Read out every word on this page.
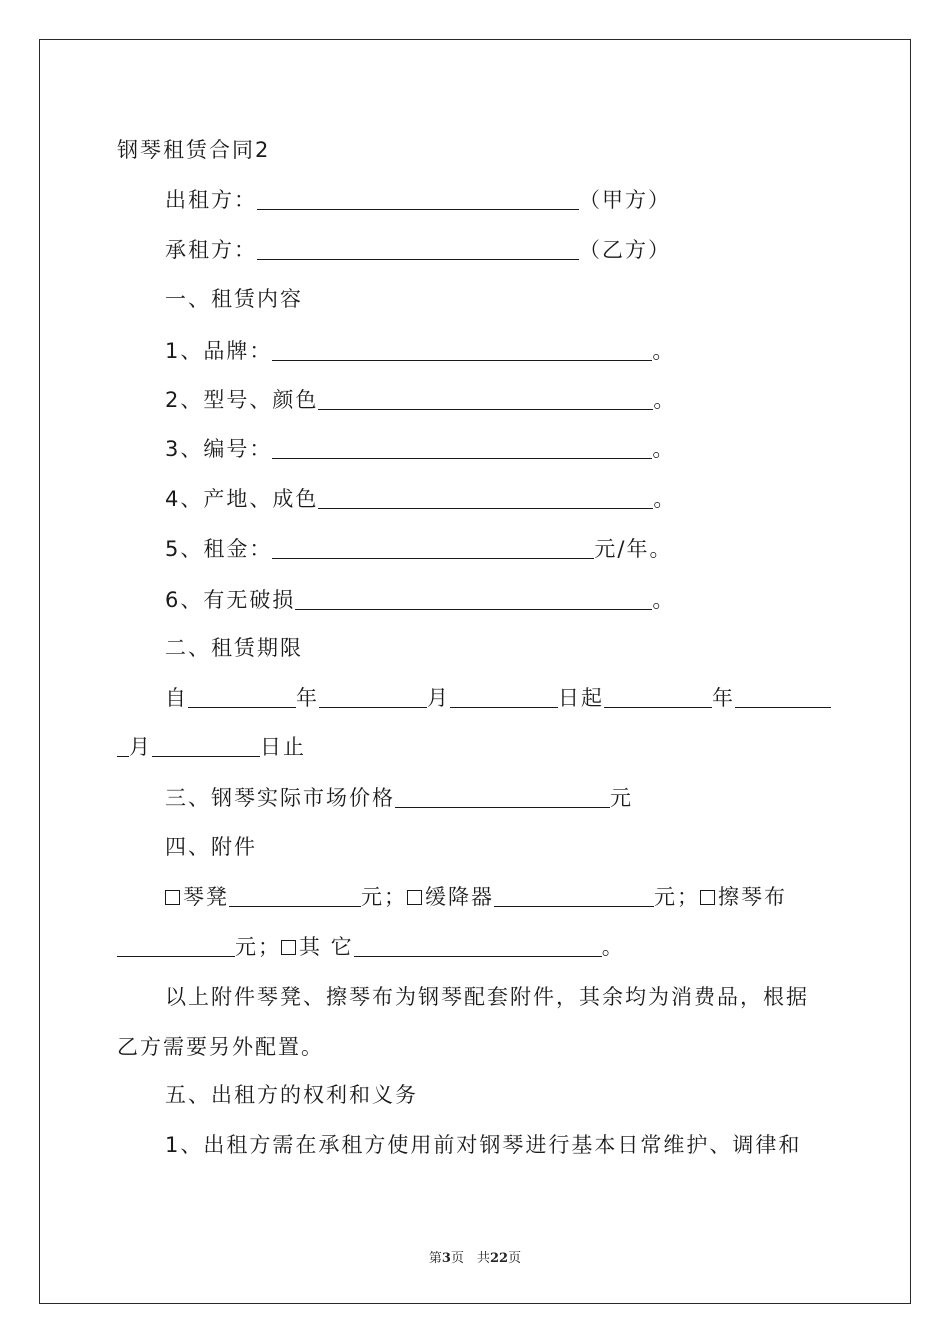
钢琴租赁合同2
出租方：	（甲方）
承租方：	（乙方）
一、租赁内容
1、品牌：	。
2、型号、颜色	。
3、编号：	。
4、产地、成色	。
5、租金：	元/年。
6、有无破损	。
二、租赁期限
自	年	月	日起	年
月	日止
三、钢琴实际市场价格	元
四、附件
琴凳	元； 缓降器	元； 擦琴布
元； 其 它	。
以上附件琴凳、擦琴布为钢琴配套附件，其余均为消费品，根据
乙方需要另外配置。
五、出租方的权利和义务
1、出租方需在承租方使用前对钢琴进行基本日常维护、调律和
第3页　共22页
